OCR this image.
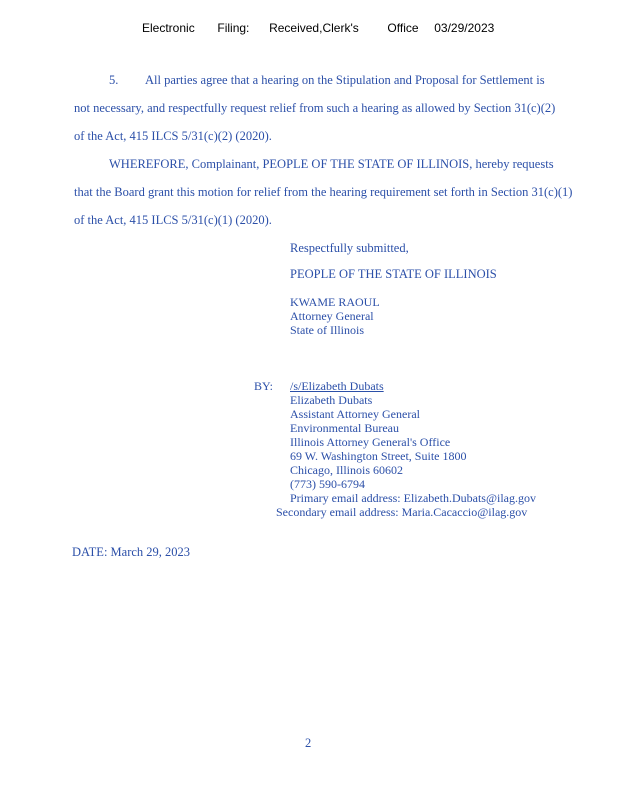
Electronic Filing: Received,Clerk's Office 03/29/2023
5. All parties agree that a hearing on the Stipulation and Proposal for Settlement is
not necessary, and respectfully request relief from such a hearing as allowed by Section 31(c)(2)
of the Act, 415 ILCS 5/31(c)(2) (2020).
WHEREFORE, Complainant, PEOPLE OF THE STATE OF ILLINOIS, hereby requests
that the Board grant this motion for relief from the hearing requirement set forth in Section 31(c)(1)
of the Act, 415 ILCS 5/31(c)(1) (2020).
Respectfully submitted,
PEOPLE OF THE STATE OF ILLINOIS
KWAME RAOUL
Attorney General
State of Illinois
BY: /s/Elizabeth Dubats
Elizabeth Dubats
Assistant Attorney General
Environmental Bureau
Illinois Attorney General's Office
69 W. Washington Street, Suite 1800
Chicago, Illinois 60602
(773) 590-6794
Primary email address: Elizabeth.Dubats@ilag.gov
Secondary email address: Maria.Cacaccio@ilag.gov
DATE: March 29, 2023
2
